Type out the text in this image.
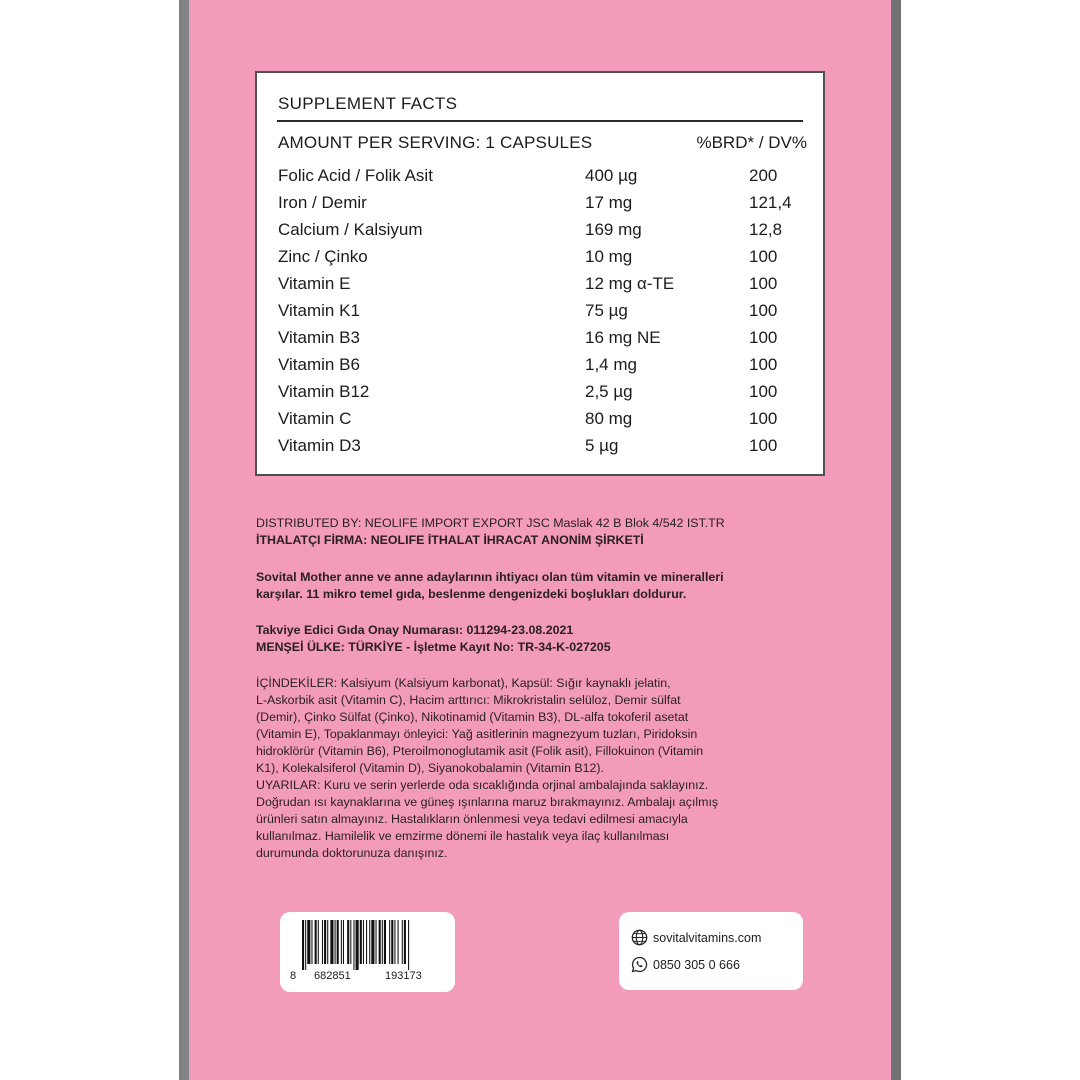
SUPPLEMENT FACTS
AMOUNT PER SERVING: 1 CAPSULES	%BRD* / DV%
Folic Acid / Folik Asit	400 µg	200
Iron / Demir	17 mg	121,4
Calcium / Kalsiyum	169 mg	12,8
Zinc / Çinko	10 mg	100
Vitamin E	12 mg α-TE	100
Vitamin K1	75 µg	100
Vitamin B3	16 mg NE	100
Vitamin B6	1,4 mg	100
Vitamin B12	2,5 µg	100
Vitamin C	80 mg	100
Vitamin D3	5 µg	100
DISTRIBUTED BY: NEOLIFE IMPORT EXPORT JSC Maslak 42 B Blok 4/542 IST.TR
İTHALATÇI FİRMA: NEOLIFE İTHALAT İHRACAT ANONİM ŞİRKETİ
Sovital Mother anne ve anne adaylarının ihtiyacı olan tüm vitamin ve mineralleri
karşılar. 11 mikro temel gıda, beslenme dengenizdeki boşlukları doldurur.
Takviye Edici Gıda Onay Numarası: 011294-23.08.2021
MENŞEİ ÜLKE: TÜRKİYE - İşletme Kayıt No: TR-34-K-027205
İÇİNDEKİLER: Kalsiyum (Kalsiyum karbonat), Kapsül: Sığır kaynaklı jelatin,
L-Askorbik asit (Vitamin C), Hacim arttırıcı: Mikrokristalin selüloz, Demir sülfat
(Demir), Çinko Sülfat (Çinko), Nikotinamid (Vitamin B3), DL-alfa tokoferil asetat
(Vitamin E), Topaklanmayı önleyici: Yağ asitlerinin magnezyum tuzları, Piridoksin
hidroklörür (Vitamin B6), Pteroilmonoglutamik asit (Folik asit), Fillokuinon (Vitamin
K1), Kolekalsiferol (Vitamin D), Siyanokobalamin (Vitamin B12).
UYARILAR: Kuru ve serin yerlerde oda sıcaklığında orjinal ambalajında saklayınız.
Doğrudan ısı kaynaklarına ve güneş ışınlarına maruz bırakmayınız. Ambalajı açılmış
ürünleri satın almayınız. Hastalıkların önlenmesi veya tedavi edilmesi amacıyla
kullanılmaz. Hamilelik ve emzirme dönemi ile hastalık veya ilaç kullanılması
durumunda doktorunuza danışınız.
8 682851	193173
sovitalvitamins.com
0850 305 0 666
